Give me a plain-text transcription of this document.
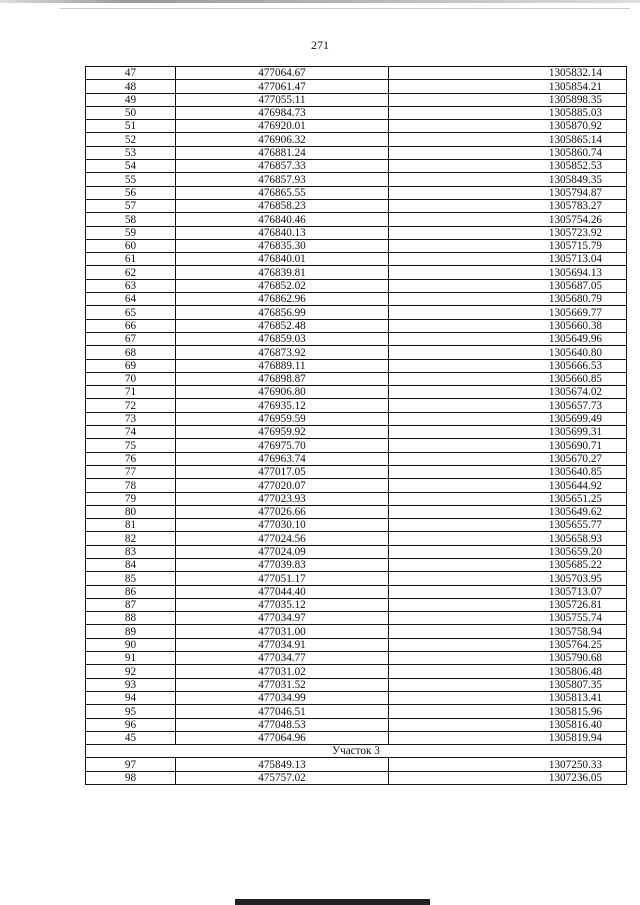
271
47	477064.67	1305832.14
48	477061.47	1305854.21
49	477055.11	1305898.35
50	476984.73	1305885.03
51	476920.01	1305870.92
52	476906.32	1305865.14
53	476881.24	1305860.74
54	476857.33	1305852.53
55	476857.93	1305849.35
56	476865.55	1305794.87
57	476858.23	1305783.27
58	476840.46	1305754.26
59	476840.13	1305723.92
60	476835.30	1305715.79
61	476840.01	1305713.04
62	476839.81	1305694.13
63	476852.02	1305687.05
64	476862.96	1305680.79
65	476856.99	1305669.77
66	476852.48	1305660.38
67	476859.03	1305649.96
68	476873.92	1305640.80
69	476889.11	1305666.53
70	476898.87	1305660.85
71	476906.80	1305674.02
72	476935.12	1305657.73
73	476959.59	1305699.49
74	476959.92	1305699.31
75	476975.70	1305690.71
76	476963.74	1305670.27
77	477017.05	1305640.85
78	477020.07	1305644.92
79	477023.93	1305651.25
80	477026.66	1305649.62
81	477030.10	1305655.77
82	477024.56	1305658.93
83	477024.09	1305659.20
84	477039.83	1305685.22
85	477051.17	1305703.95
86	477044.40	1305713.07
87	477035.12	1305726.81
88	477034.97	1305755.74
89	477031.00	1305758.94
90	477034.91	1305764.25
91	477034.77	1305790.68
92	477031.02	1305806.48
93	477031.52	1305807.35
94	477034.99	1305813.41
95	477046.51	1305815.96
96	477048.53	1305816.40
45	477064.96	1305819.94
Участок 3		
97	475849.13	1307250.33
98	475757.02	1307236.05
